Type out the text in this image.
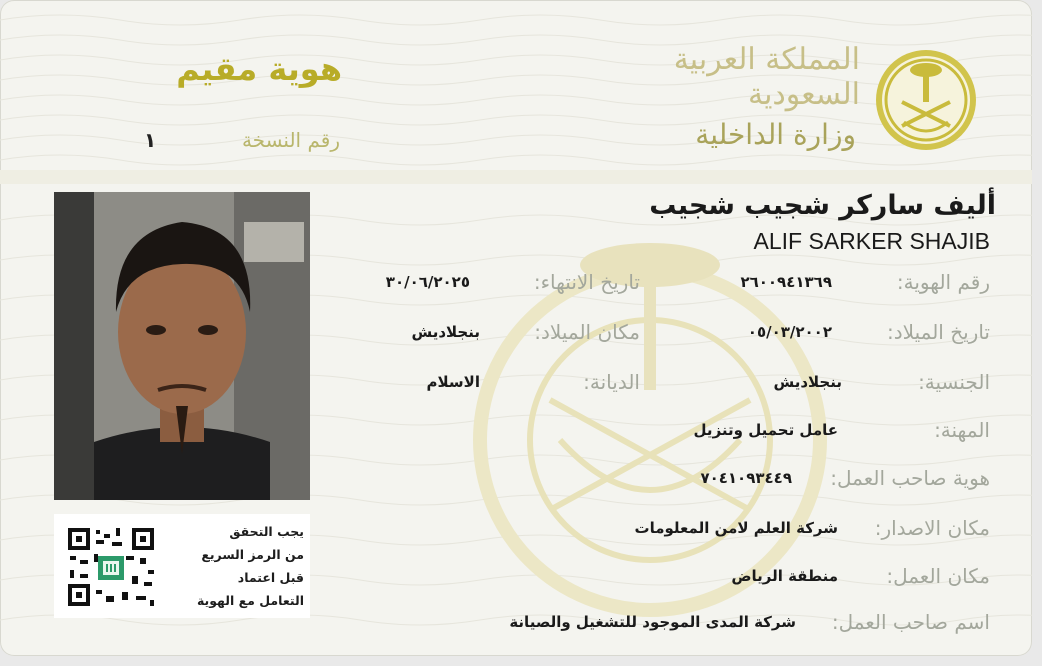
المملكة العربية السعودية
وزارة الداخلية
هوية مقيم
رقم النسخة
١
يجب التحقق
من الرمز السريع
قبل اعتماد
التعامل مع الهوية
أليف ساركر شجيب شجيب
ALIF SARKER SHAJIB
رقم الهوية:
٢٦٠٠٩٤١٣٦٩
تاريخ الانتهاء:
٣٠/٠٦/٢٠٢٥
تاريخ الميلاد:
٠٥/٠٣/٢٠٠٢
مكان الميلاد:
بنجلاديش
الجنسية:
بنجلاديش
الديانة:
الاسلام
المهنة:
عامل تحميل وتنزيل
هوية صاحب العمل:
٧٠٤١٠٩٣٤٤٩
مكان الاصدار:
شركة العلم لامن المعلومات
مكان العمل:
منطقة الرياض
اسم صاحب العمل:
شركة المدى الموجود للتشغيل والصيانة
